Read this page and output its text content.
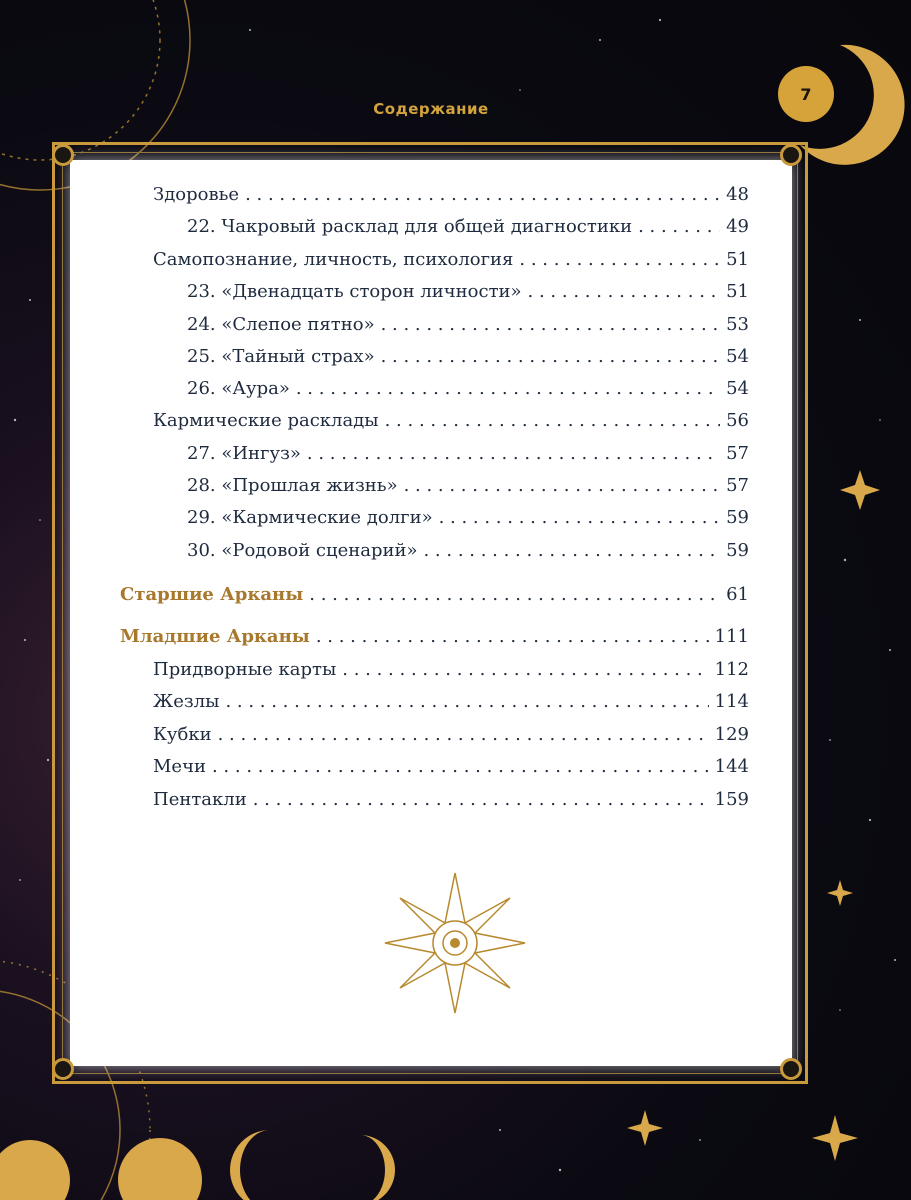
Содержание
7
Здоровье . . .	48
22. Чакровый расклад для общей диагностики . . .	49
Самопознание, личность, психология . . .	51
23. «Двенадцать сторон личности» . . .	51
24. «Слепое пятно» . . .	53
25. «Тайный страх» . . .	54
26. «Аура» . . .	54
Кармические расклады . . .	56
27. «Ингуз» . . .	57
28. «Прошлая жизнь» . . .	57
29. «Кармические долги» . . .	59
30. «Родовой сценарий» . . .	59
Старшие Арканы . . .	61
Младшие Арканы . . .	111
Придворные карты . . .	112
Жезлы . . .	114
Кубки . . .	129
Мечи . . .	144
Пентакли . . .	159
